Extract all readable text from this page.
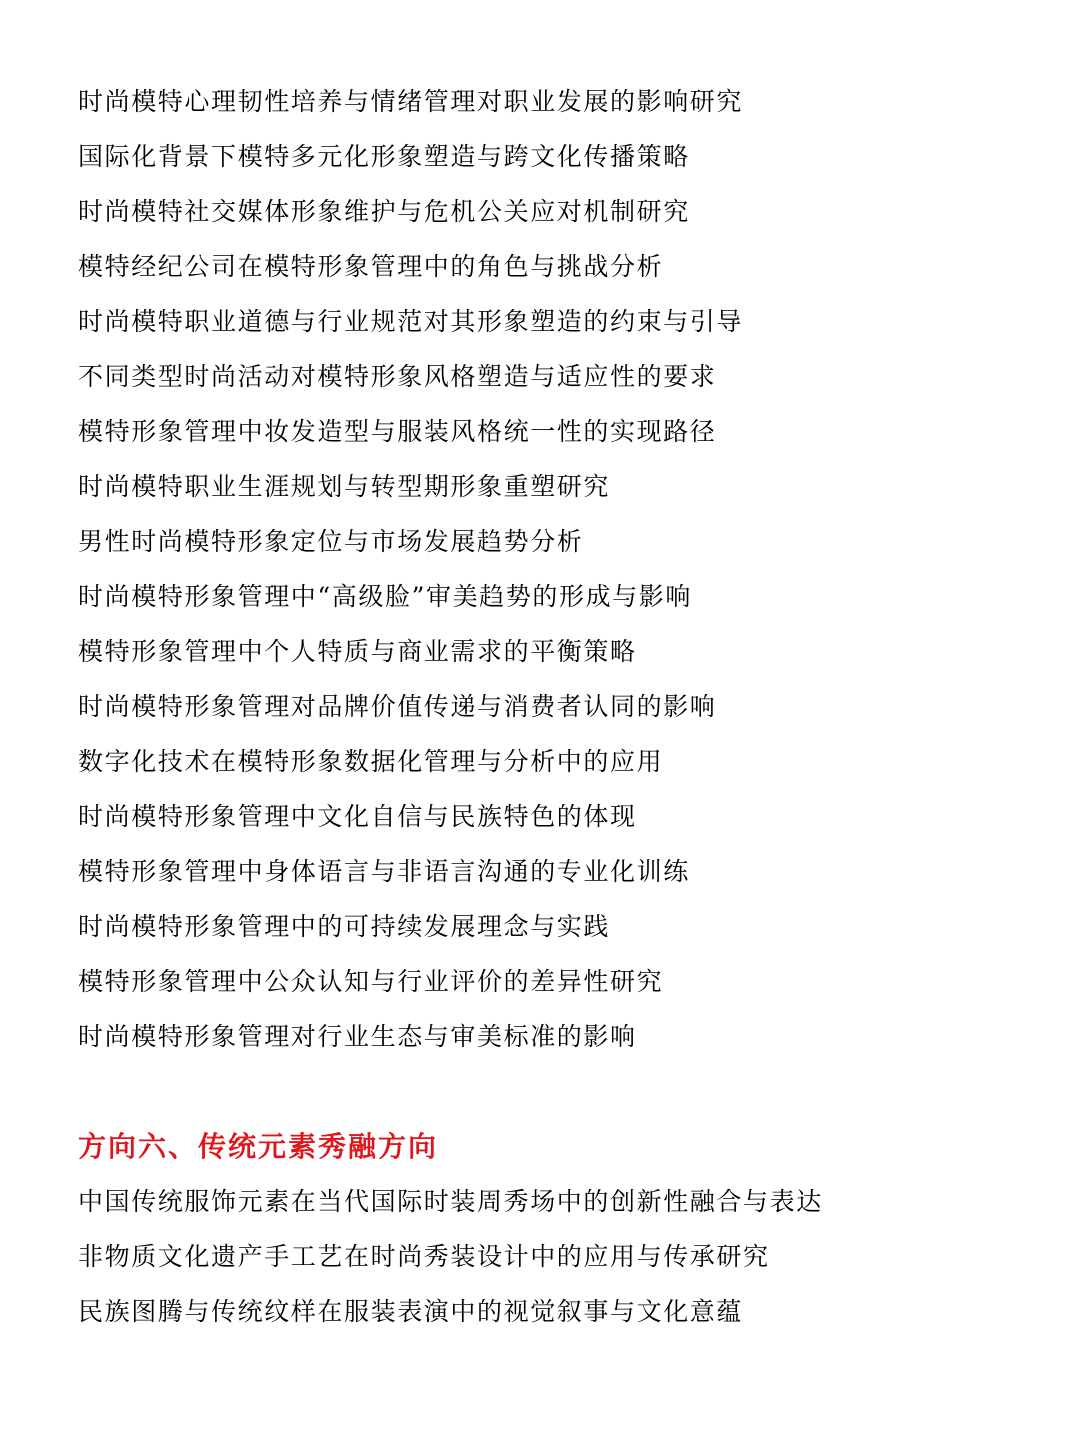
时尚模特心理韧性培养与情绪管理对职业发展的影响研究
国际化背景下模特多元化形象塑造与跨文化传播策略
时尚模特社交媒体形象维护与危机公关应对机制研究
模特经纪公司在模特形象管理中的角色与挑战分析
时尚模特职业道德与行业规范对其形象塑造的约束与引导
不同类型时尚活动对模特形象风格塑造与适应性的要求
模特形象管理中妆发造型与服装风格统一性的实现路径
时尚模特职业生涯规划与转型期形象重塑研究
男性时尚模特形象定位与市场发展趋势分析
时尚模特形象管理中“高级脸”审美趋势的形成与影响
模特形象管理中个人特质与商业需求的平衡策略
时尚模特形象管理对品牌价值传递与消费者认同的影响
数字化技术在模特形象数据化管理与分析中的应用
时尚模特形象管理中文化自信与民族特色的体现
模特形象管理中身体语言与非语言沟通的专业化训练
时尚模特形象管理中的可持续发展理念与实践
模特形象管理中公众认知与行业评价的差异性研究
时尚模特形象管理对行业生态与审美标准的影响
方向六、传统元素秀融方向
中国传统服饰元素在当代国际时装周秀场中的创新性融合与表达
非物质文化遗产手工艺在时尚秀装设计中的应用与传承研究
民族图腾与传统纹样在服装表演中的视觉叙事与文化意蕴
